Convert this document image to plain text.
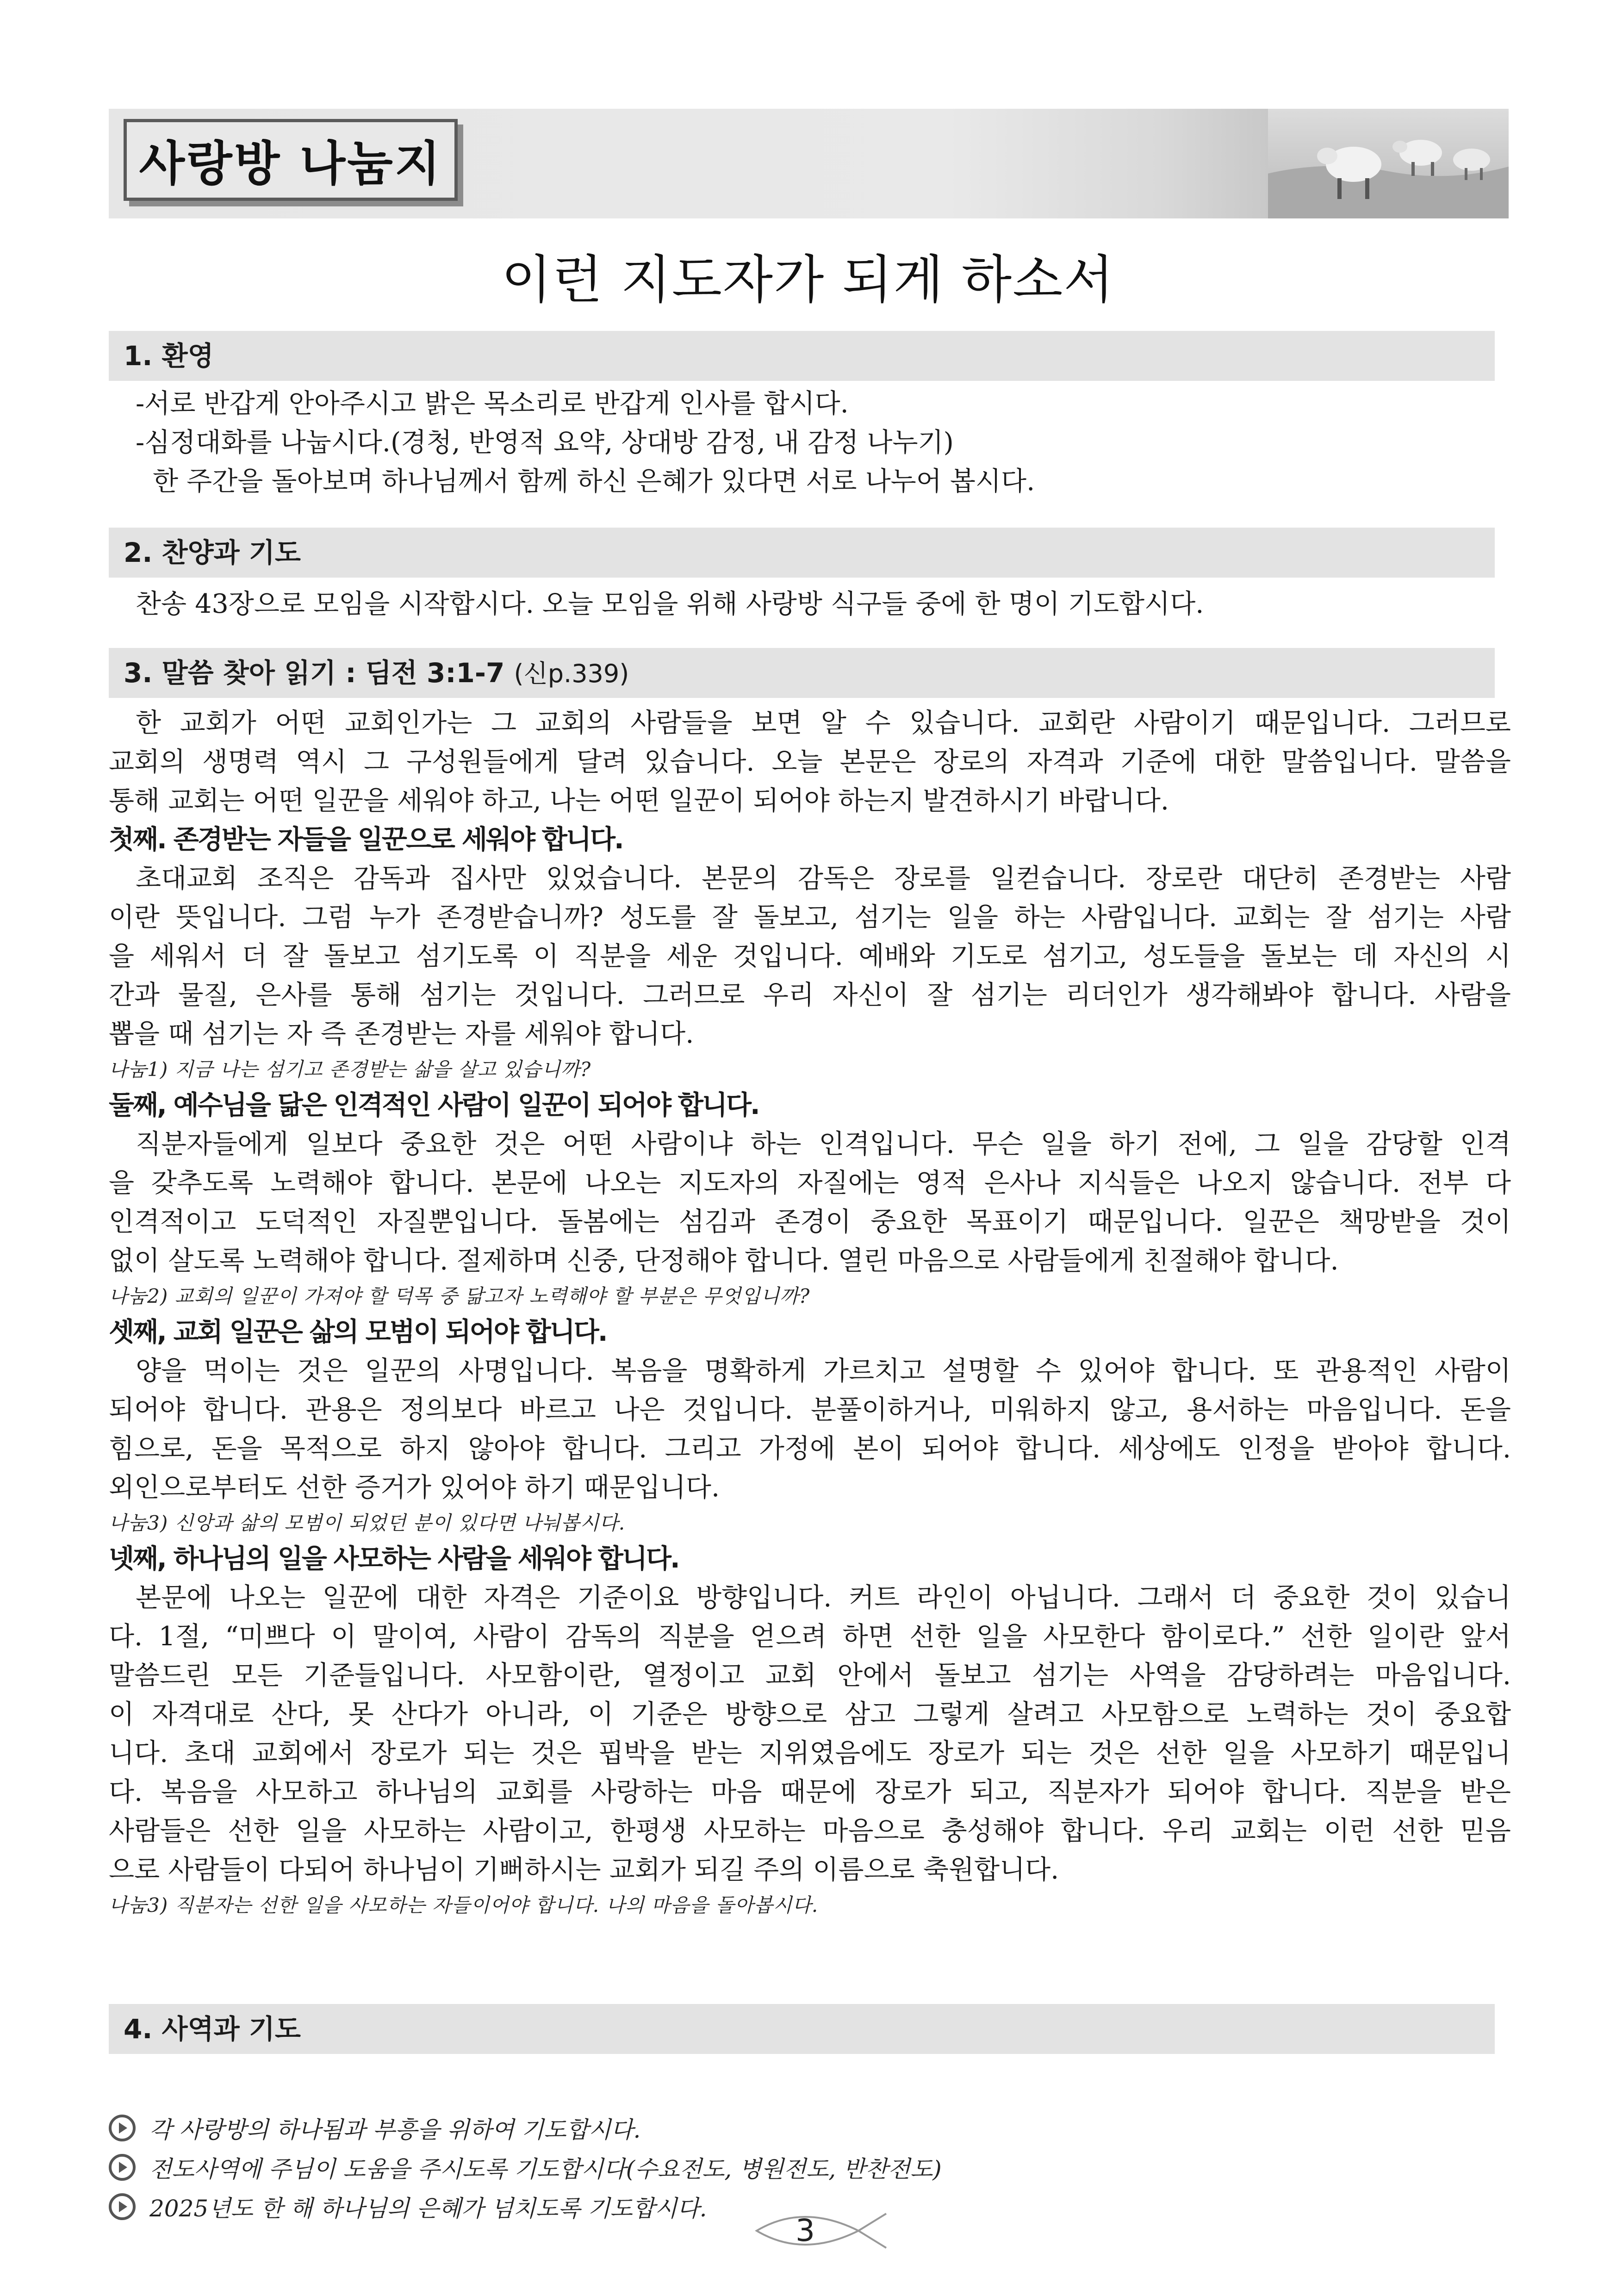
사랑방 나눔지
이런 지도자가 되게 하소서
1. 환영
-서로 반갑게 안아주시고 밝은 목소리로 반갑게 인사를 합시다.
-심정대화를 나눕시다.(경청, 반영적 요약, 상대방 감정, 내 감정 나누기)
한 주간을 돌아보며 하나님께서 함께 하신 은혜가 있다면 서로 나누어 봅시다.
2. 찬양과 기도
찬송 43장으로 모임을 시작합시다. 오늘 모임을 위해 사랑방 식구들 중에 한 명이 기도합시다.
3. 말씀 찾아 읽기 : 딤전 3:1-7 (신p.339)
한 교회가 어떤 교회인가는 그 교회의 사람들을 보면 알 수 있습니다. 교회란 사람이기 때문입니다. 그러므로
교회의 생명력 역시 그 구성원들에게 달려 있습니다. 오늘 본문은 장로의 자격과 기준에 대한 말씀입니다. 말씀을
통해 교회는 어떤 일꾼을 세워야 하고, 나는 어떤 일꾼이 되어야 하는지 발견하시기 바랍니다.
첫째. 존경받는 자들을 일꾼으로 세워야 합니다.
초대교회 조직은 감독과 집사만 있었습니다. 본문의 감독은 장로를 일컫습니다. 장로란 대단히 존경받는 사람
이란 뜻입니다. 그럼 누가 존경받습니까? 성도를 잘 돌보고, 섬기는 일을 하는 사람입니다. 교회는 잘 섬기는 사람
을 세워서 더 잘 돌보고 섬기도록 이 직분을 세운 것입니다. 예배와 기도로 섬기고, 성도들을 돌보는 데 자신의 시
간과 물질, 은사를 통해 섬기는 것입니다. 그러므로 우리 자신이 잘 섬기는 리더인가 생각해봐야 합니다. 사람을
뽑을 때 섬기는 자 즉 존경받는 자를 세워야 합니다.
나눔1) 지금 나는 섬기고 존경받는 삶을 살고 있습니까?
둘째, 예수님을 닮은 인격적인 사람이 일꾼이 되어야 합니다.
직분자들에게 일보다 중요한 것은 어떤 사람이냐 하는 인격입니다. 무슨 일을 하기 전에, 그 일을 감당할 인격
을 갖추도록 노력해야 합니다. 본문에 나오는 지도자의 자질에는 영적 은사나 지식들은 나오지 않습니다. 전부 다
인격적이고 도덕적인 자질뿐입니다. 돌봄에는 섬김과 존경이 중요한 목표이기 때문입니다. 일꾼은 책망받을 것이
없이 살도록 노력해야 합니다. 절제하며 신중, 단정해야 합니다. 열린 마음으로 사람들에게 친절해야 합니다.
나눔2) 교회의 일꾼이 가져야 할 덕목 중 닮고자 노력해야 할 부분은 무엇입니까?
셋째, 교회 일꾼은 삶의 모범이 되어야 합니다.
양을 먹이는 것은 일꾼의 사명입니다. 복음을 명확하게 가르치고 설명할 수 있어야 합니다. 또 관용적인 사람이
되어야 합니다. 관용은 정의보다 바르고 나은 것입니다. 분풀이하거나, 미워하지 않고, 용서하는 마음입니다. 돈을
힘으로, 돈을 목적으로 하지 않아야 합니다. 그리고 가정에 본이 되어야 합니다. 세상에도 인정을 받아야 합니다.
외인으로부터도 선한 증거가 있어야 하기 때문입니다.
나눔3) 신앙과 삶의 모범이 되었던 분이 있다면 나눠봅시다.
넷째, 하나님의 일을 사모하는 사람을 세워야 합니다.
본문에 나오는 일꾼에 대한 자격은 기준이요 방향입니다. 커트 라인이 아닙니다. 그래서 더 중요한 것이 있습니
다. 1절, “미쁘다 이 말이여, 사람이 감독의 직분을 얻으려 하면 선한 일을 사모한다 함이로다.” 선한 일이란 앞서
말씀드린 모든 기준들입니다. 사모함이란, 열정이고 교회 안에서 돌보고 섬기는 사역을 감당하려는 마음입니다.
이 자격대로 산다, 못 산다가 아니라, 이 기준은 방향으로 삼고 그렇게 살려고 사모함으로 노력하는 것이 중요합
니다. 초대 교회에서 장로가 되는 것은 핍박을 받는 지위였음에도 장로가 되는 것은 선한 일을 사모하기 때문입니
다. 복음을 사모하고 하나님의 교회를 사랑하는 마음 때문에 장로가 되고, 직분자가 되어야 합니다. 직분을 받은
사람들은 선한 일을 사모하는 사람이고, 한평생 사모하는 마음으로 충성해야 합니다. 우리 교회는 이런 선한 믿음
으로 사람들이 다되어 하나님이 기뻐하시는 교회가 되길 주의 이름으로 축원합니다.
나눔3) 직분자는 선한 일을 사모하는 자들이어야 합니다. 나의 마음을 돌아봅시다.
4. 사역과 기도
각 사랑방의 하나됨과 부흥을 위하여 기도합시다.
전도사역에 주님이 도움을 주시도록 기도합시다(수요전도, 병원전도, 반찬전도)
2025년도 한 해 하나님의 은혜가 넘치도록 기도합시다.
3
